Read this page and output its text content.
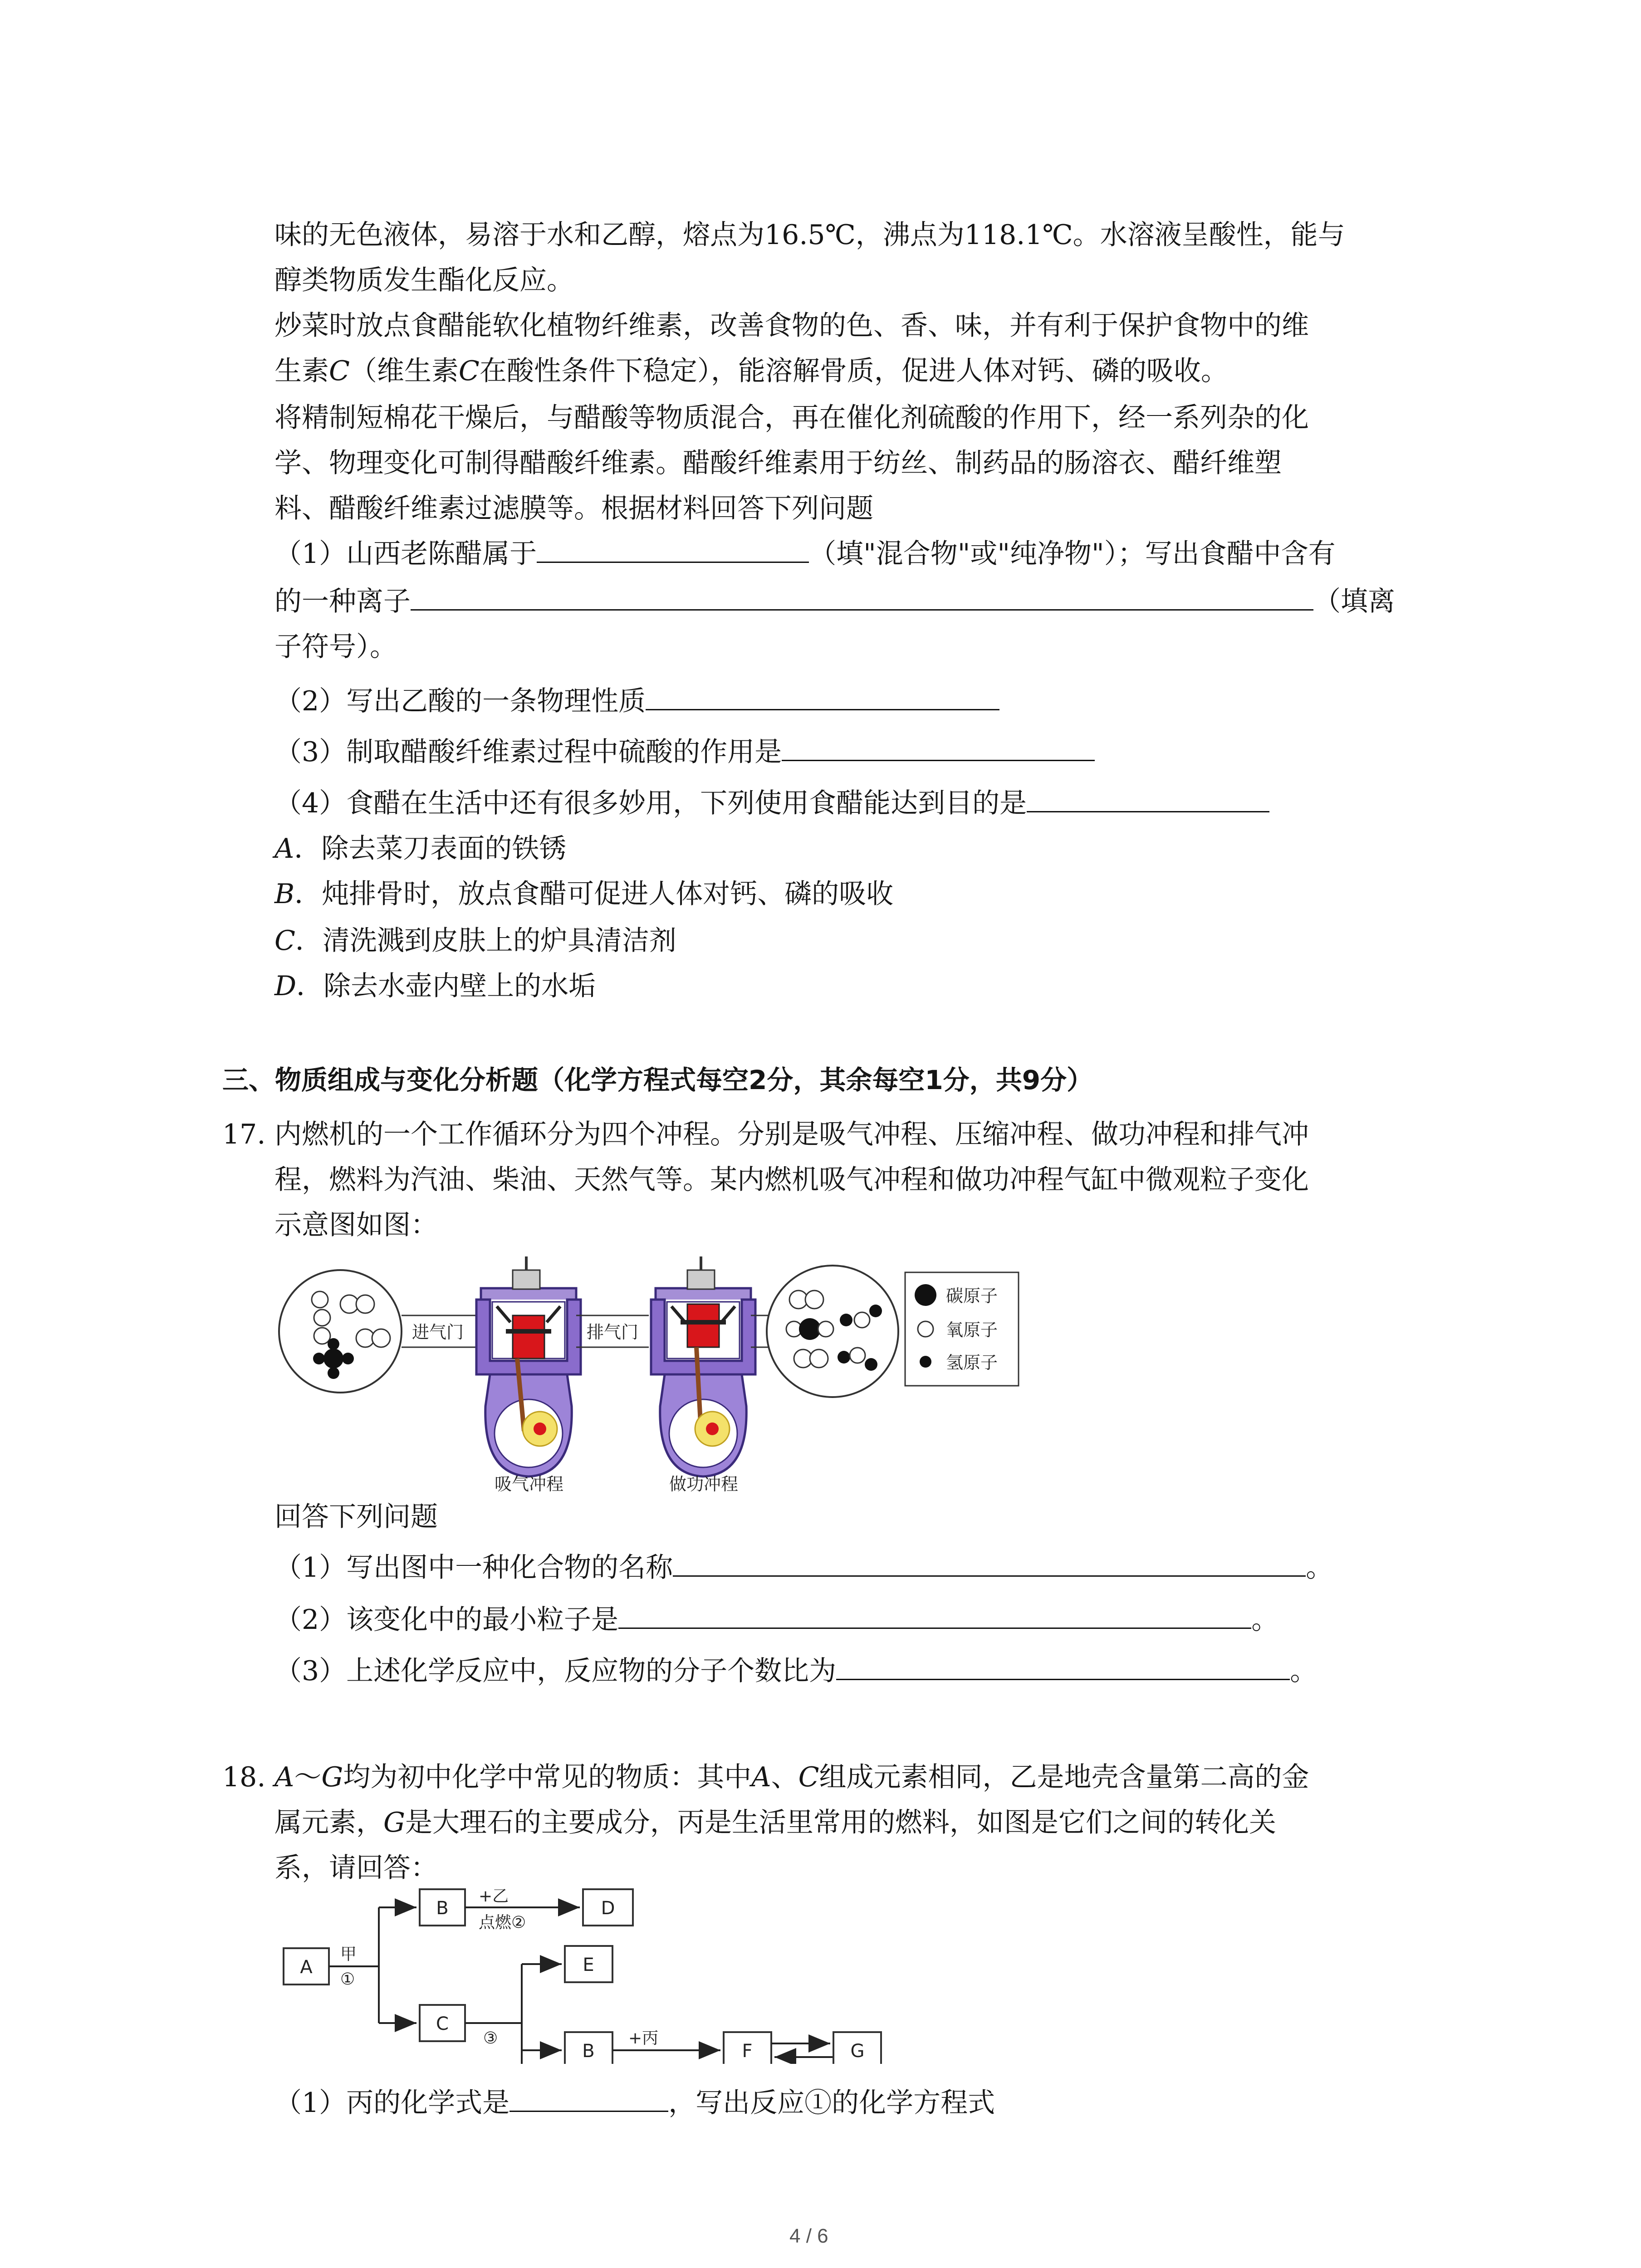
味的无色液体，易溶于水和乙醇，熔点为16.5℃，沸点为118.1℃。水溶液呈酸性，能与
醇类物质发生酯化反应。
炒菜时放点食醋能软化植物纤维素，改善食物的色、香、味，并有利于保护食物中的维
生素C（维生素C在酸性条件下稳定），能溶解骨质，促进人体对钙、磷的吸收。
将精制短棉花干燥后，与醋酸等物质混合，再在催化剂硫酸的作用下，经一系列杂的化
学、物理变化可制得醋酸纤维素。醋酸纤维素用于纺丝、制药品的肠溶衣、醋纤维塑
料、醋酸纤维素过滤膜等。根据材料回答下列问题
（1）山西老陈醋属于	（填"混合物"或"纯净物"）；写出食醋中含有
的一种离子	（填离
子符号）。
（2）写出乙酸的一条物理性质
（3）制取醋酸纤维素过程中硫酸的作用是
（4）食醋在生活中还有很多妙用，下列使用食醋能达到目的是
A．除去菜刀表面的铁锈
B．炖排骨时，放点食醋可促进人体对钙、磷的吸收
C．清洗溅到皮肤上的炉具清洁剂
D．除去水壶内壁上的水垢
三、物质组成与变化分析题（化学方程式每空2分，其余每空1分，共9分）
17. 内燃机的一个工作循环分为四个冲程。分别是吸气冲程、压缩冲程、做功冲程和排气冲
程，燃料为汽油、柴油、天然气等。某内燃机吸气冲程和做功冲程气缸中微观粒子变化
示意图如图：
进气门	排气门
碳原子
氧原子
氢原子
吸气冲程	做功冲程
回答下列问题
（1）写出图中一种化合物的名称	。
（2）该变化中的最小粒子是	。
（3）上述化学反应中，反应物的分子个数比为	。
18. A～G均为初中化学中常见的物质：其中A、C组成元素相同，乙是地壳含量第二高的金
属元素，G是大理石的主要成分，丙是生活里常用的燃料，如图是它们之间的转化关
系，请回答：
A
甲
①
B
+乙
点燃②
D
C
③
E
B
+丙
F	G
（1）丙的化学式是	，写出反应①的化学方程式
4 / 6
